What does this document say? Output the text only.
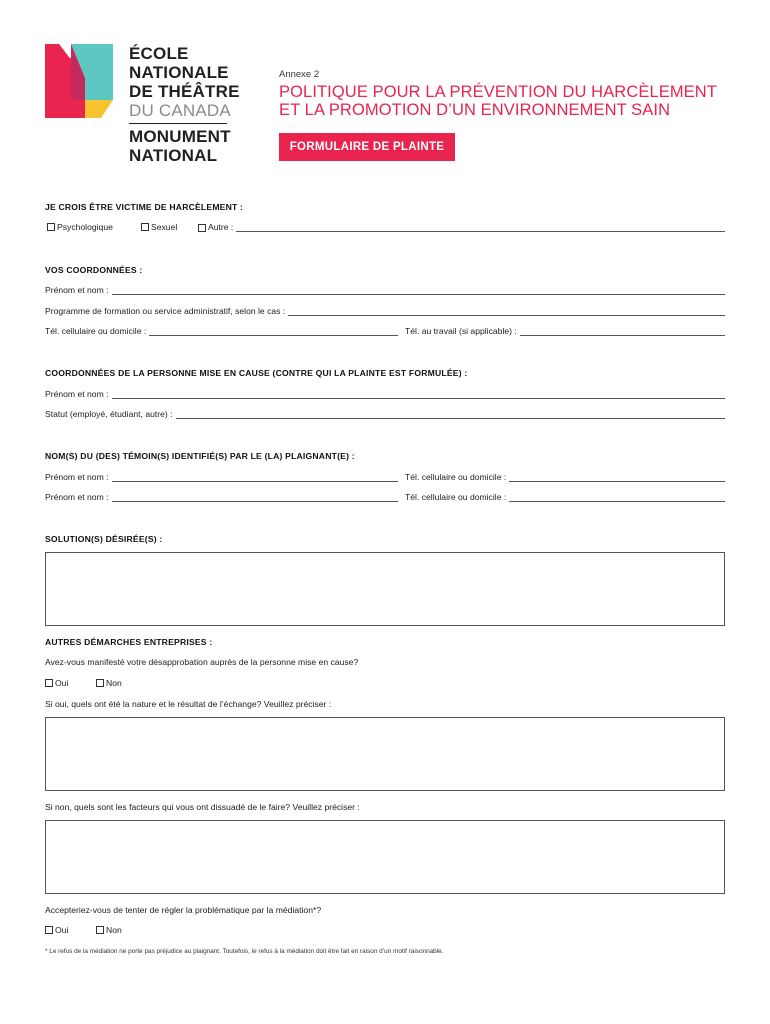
ÉCOLE
NATIONALE
DE THÉÂTRE
DU CANADA
MONUMENT
NATIONAL
Annexe 2
POLITIQUE POUR LA PRÉVENTION DU HARCÈLEMENT
ET LA PROMOTION D’UN ENVIRONNEMENT SAIN
FORMULAIRE DE PLAINTE
JE CROIS ÊTRE VICTIME DE HARCÈLEMENT :
Psychologique	Sexuel	Autre :
VOS COORDONNÉES :
Prénom et nom :
Programme de formation ou service administratif, selon le cas :
Tél. cellulaire ou domicile :	Tél. au travail (si applicable) :
COORDONNÉES DE LA PERSONNE MISE EN CAUSE (CONTRE QUI LA PLAINTE EST FORMULÉE) :
Prénom et nom :
Statut (employé, étudiant, autre) :
NOM(S) DU (DES) TÉMOIN(S) IDENTIFIÉ(S) PAR LE (LA) PLAIGNANT(E) :
Prénom et nom :	Tél. cellulaire ou domicile :
Prénom et nom :	Tél. cellulaire ou domicile :
SOLUTION(S) DÉSIRÉE(S) :
AUTRES DÉMARCHES ENTREPRISES :
Avez-vous manifesté votre désapprobation auprès de la personne mise en cause?
Oui	Non
Si oui, quels ont été la nature et le résultat de l’échange? Veuillez préciser :
Si non, quels sont les facteurs qui vous ont dissuadé de le faire? Veuillez préciser :
Accepteriez-vous de tenter de régler la problématique par la médiation*?
Oui	Non
* Le refus de la médiation ne porte pas préjudice au plaignant. Toutefois, le refus à la médiation doit être fait en raison d’un motif raisonnable.
